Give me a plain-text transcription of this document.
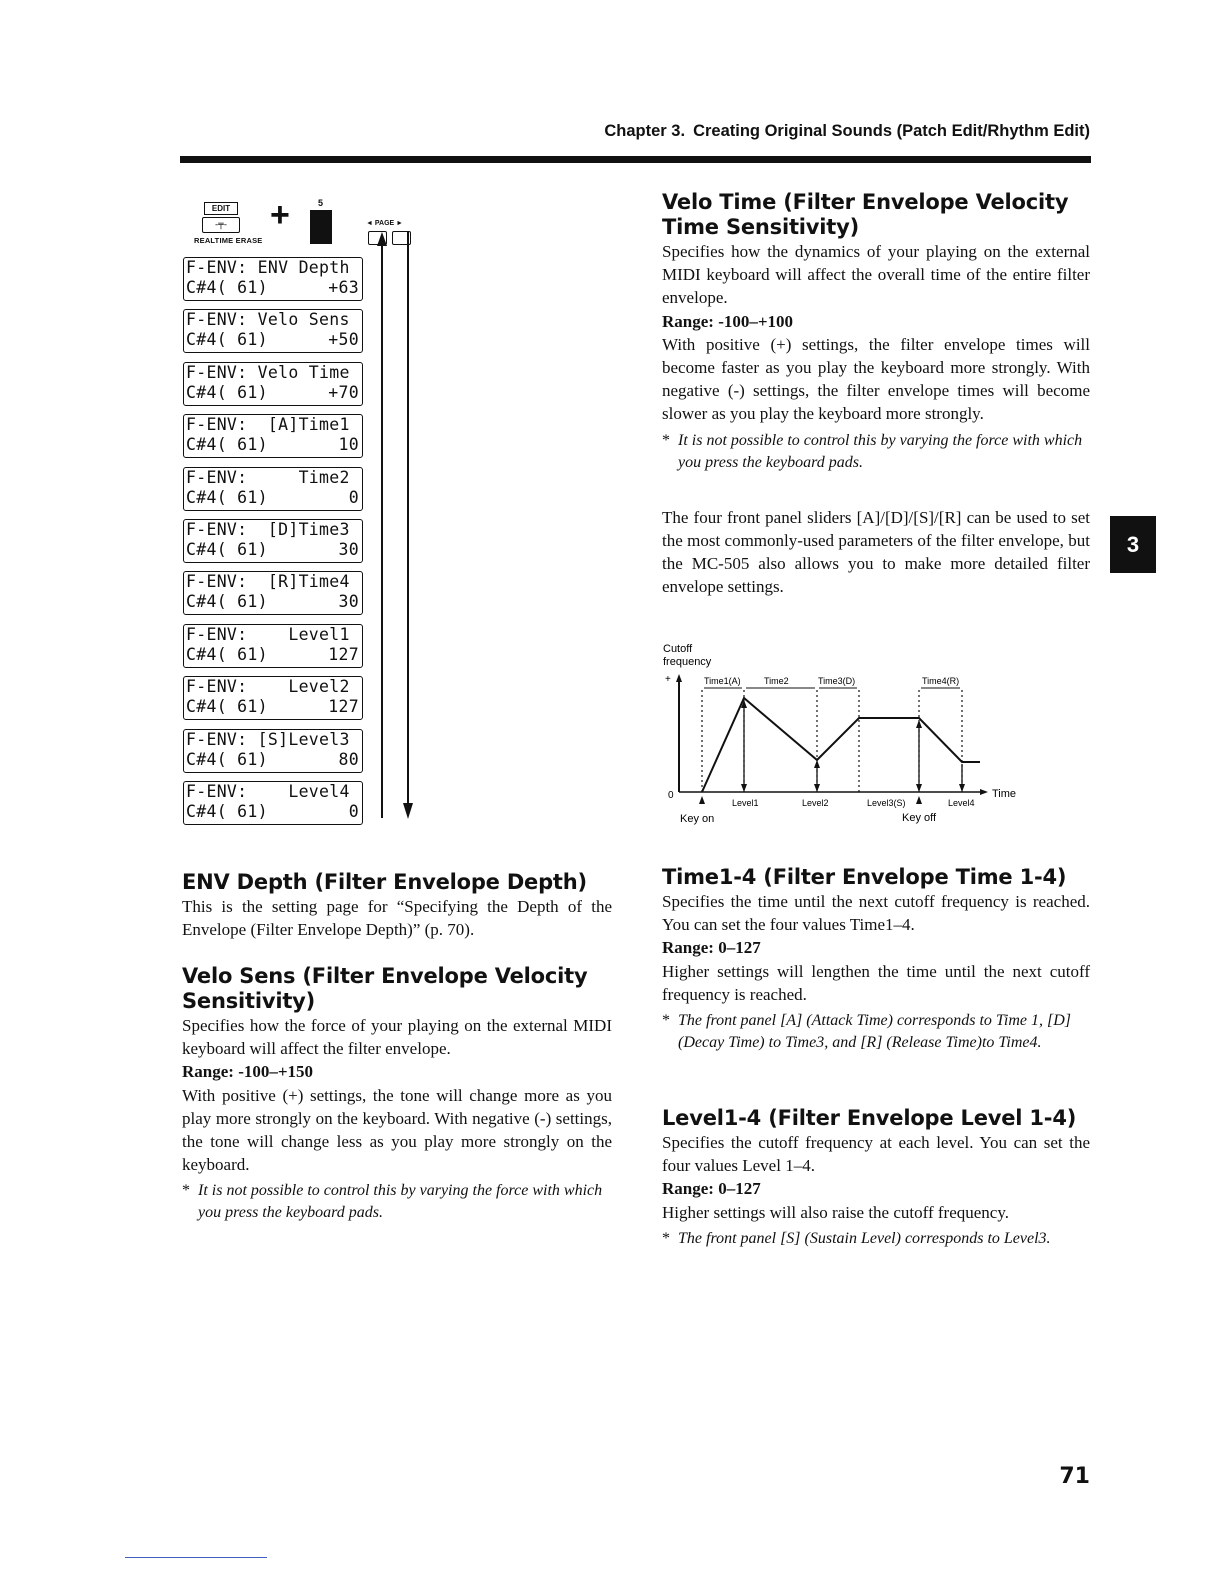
Chapter 3. Creating Original Sounds (Patch Edit/Rhythm Edit)
3
EDIT
-╤-
REALTIME ERASE
+	5
◄ PAGE ►
F-ENV: ENV Depth
C#4( 61)	+63
F-ENV: Velo Sens
C#4( 61)	+50
F-ENV: Velo Time
C#4( 61)	+70
F-ENV:  [A]Time1
C#4( 61)	10
F-ENV:     Time2
C#4( 61)	0
F-ENV:  [D]Time3
C#4( 61)	30
F-ENV:  [R]Time4
C#4( 61)	30
F-ENV:    Level1
C#4( 61)	127
F-ENV:    Level2
C#4( 61)	127
F-ENV: [S]Level3
C#4( 61)	80
F-ENV:    Level4
C#4( 61)	0

Velo Time (Filter Envelope Velocity Time Sensitivity)

Specifies how the dynamics of your playing on the external MIDI keyboard will affect the overall time of the entire filter envelope.

Range: -100–+100

With positive (+) settings, the filter envelope times will become faster as you play the keyboard more strongly. With negative (-) settings, the filter envelope times will become slower as you play the keyboard more strongly.

* It is not possible to control this by varying the force with which you press the keyboard pads.

The four front panel sliders [A]/[D]/[S]/[R] can be used to set the most commonly-used parameters of the filter envelope, but the MC-505 also allows you to make more detailed filter envelope settings.

Cutoff
frequency
+
0	Time
Time1(A)	Time2	Time3(D)	Time4(R)
Level1	Level2	Level3(S)	Level4
Key on	Key off

ENV Depth (Filter Envelope Depth)

This is the setting page for “Specifying the Depth of the Envelope (Filter Envelope Depth)” (p. 70).

Velo Sens (Filter Envelope Velocity Sensitivity)

Specifies how the force of your playing on the external MIDI keyboard will affect the filter envelope.

Range: -100–+150

With positive (+) settings, the tone will change more as you play more strongly on the keyboard. With negative (-) settings, the tone will change less as you play more strongly on the keyboard.

* It is not possible to control this by varying the force with which you press the keyboard pads.

Time1-4 (Filter Envelope Time 1-4)

Specifies the time until the next cutoff frequency is reached. You can set the four values Time1–4.

Range: 0–127

Higher settings will lengthen the time until the next cutoff frequency is reached.

* The front panel [A] (Attack Time) corresponds to Time 1, [D] (Decay Time) to Time3, and [R] (Release Time)to Time4.

Level1-4 (Filter Envelope Level 1-4)

Specifies the cutoff frequency at each level. You can set the four values Level 1–4.

Range: 0–127

Higher settings will also raise the cutoff frequency.

* The front panel [S] (Sustain Level) corresponds to Level3.

71
